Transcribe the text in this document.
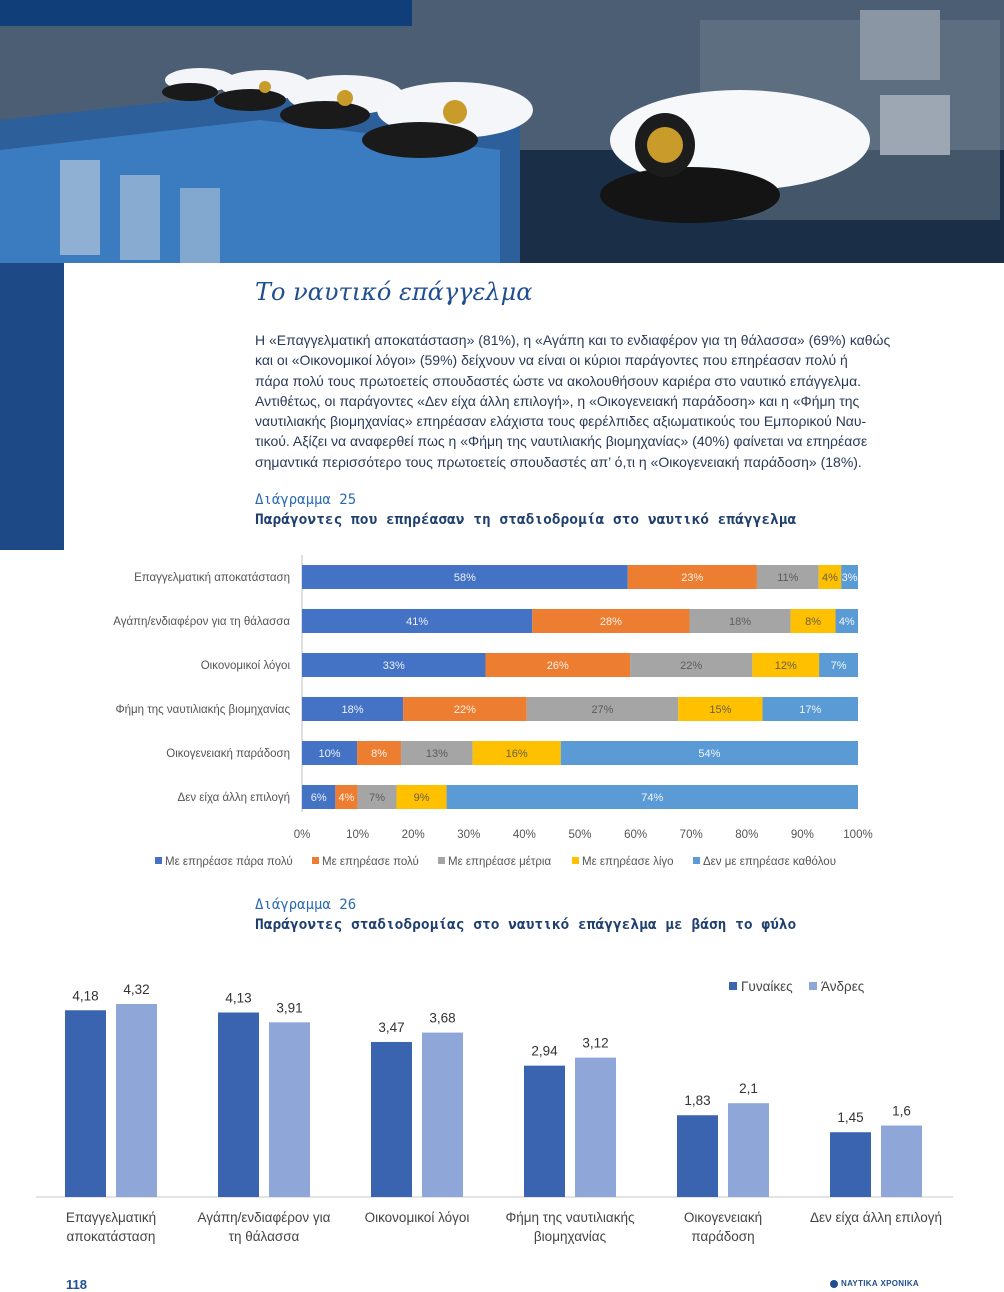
Το ναυτικό επάγγελμα
Η «Επαγγελματική αποκατάσταση» (81%), η «Αγάπη και το ενδιαφέρον για τη θάλασσα» (69%) καθώς
και οι «Οικονομικοί λόγοι» (59%) δείχνουν να είναι οι κύριοι παράγοντες που επηρέασαν πολύ ή
πάρα πολύ τους πρωτοετείς σπουδαστές ώστε να ακολουθήσουν καριέρα στο ναυτικό επάγγελμα.
Αντιθέτως, οι παράγοντες «Δεν είχα άλλη επιλογή», η «Οικογενειακή παράδοση» και η «Φήμη της
ναυτιλιακής βιομηχανίας» επηρέασαν ελάχιστα τους φερέλπιδες αξιωματικούς του Εμπορικού Ναυ-
τικού. Αξίζει να αναφερθεί πως η «Φήμη της ναυτιλιακής βιομηχανίας» (40%) φαίνεται να επηρέασε
σημαντικά περισσότερο τους πρωτοετείς σπουδαστές απ’ ό,τι η «Οικογενειακή παράδοση» (18%).
Διάγραμμα 25
Παράγοντες που επηρέασαν τη σταδιοδρομία στο ναυτικό επάγγελμα
Επαγγελματική αποκατάσταση	58%	23%	11% 4% 3%
Αγάπη/ενδιαφέρον για τη θάλασσα	41%	28%	18%	8% 4%
Οικονομικοί λόγοι	33%	26%	22%	12%	7%
Φήμη της ναυτιλιακής βιομηχανίας	18%	22%	27%	15%	17%
Οικογενειακή παράδοση	10%	8%	13%	16%	54%
Δεν είχα άλλη επιλογή 6% 4% 7%	9%	74%
0%	10%	20%	30%	40%	50%	60%	70%	80%	90%	100%
Με επηρέασε πάρα πολύ	Με επηρέασε πολύ	Με επηρέασε μέτρια	Με επηρέασε λίγο	Δεν με επηρέασε καθόλου
Διάγραμμα 26
Παράγοντες σταδιοδρομίας στο ναυτικό επάγγελμα με βάση το φύλο
4,18 4,32
Επαγγελματική
αποκατάσταση
4,13
3,91
Αγάπη/ενδιαφέρον για
τη θάλασσα
3,47
3,68
Οικονομικοί λόγοι
2,94
3,12
Φήμη της ναυτιλιακής
βιομηχανίας
1,83
2,1
Οικογενειακή
παράδοση
1,45 1,6
Δεν είχα άλλη επιλογή
Γυναίκες Άνδρες
118	ΝΑΥΤΙΚΑ ΧΡΟΝΙΚΑ
